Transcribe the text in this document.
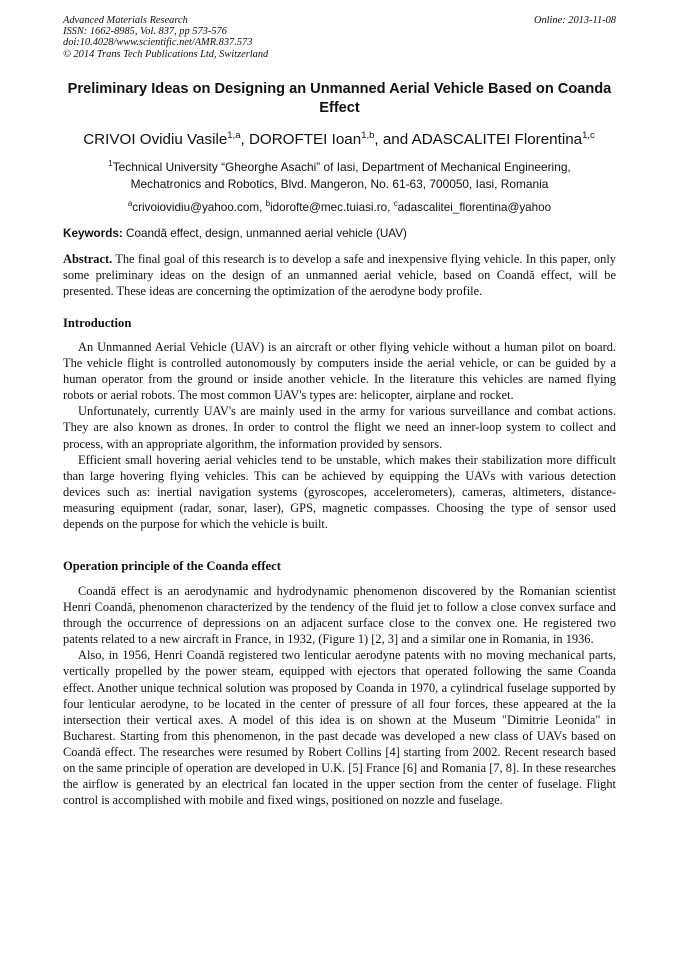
Advanced Materials Research
ISSN: 1662-8985, Vol. 837, pp 573-576
doi:10.4028/www.scientific.net/AMR.837.573
© 2014 Trans Tech Publications Ltd, Switzerland
Online: 2013-11-08
Preliminary Ideas on Designing an Unmanned Aerial Vehicle Based on Coanda Effect
CRIVOI Ovidiu Vasile$^{1,a}$, DOROFTEI Ioan$^{1,b}$, and ADASCALITEI Florentina$^{1,c}$
$^1$Technical University “Gheorghe Asachi” of Iasi, Department of Mechanical Engineering,
Mechatronics and Robotics, Blvd. Mangeron, No. 61-63, 700050, Iasi, Romania
$^a$crivoiovidiu@yahoo.com, $^b$idorofte@mec.tuiasi.ro, $^c$adascalitei_florentina@yahoo
Keywords: Coandă effect, design, unmanned aerial vehicle (UAV)

Abstract. The final goal of this research is to develop a safe and inexpensive flying vehicle. In this paper, only some preliminary ideas on the design of an unmanned aerial vehicle, based on Coandă effect, will be presented. These ideas are concerning the optimization of the aerodyne body profile.

Introduction

An Unmanned Aerial Vehicle (UAV) is an aircraft or other flying vehicle without a human pilot on board. The vehicle flight is controlled autonomously by computers inside the aerial vehicle, or can be guided by a human operator from the ground or inside another vehicle. In the literature this vehicles are named flying robots or aerial robots. The most common UAV's types are: helicopter, airplane and rocket.

Unfortunately, currently UAV's are mainly used in the army for various surveillance and combat actions. They are also known as drones. In order to control the flight we need an inner-loop system to collect and process, with an appropriate algorithm, the information provided by sensors.

Efficient small hovering aerial vehicles tend to be unstable, which makes their stabilization more difficult than large hovering flying vehicles. This can be achieved by equipping the UAVs with various detection devices such as: inertial navigation systems (gyroscopes, accelerometers), cameras, altimeters, distance-measuring equipment (radar, sonar, laser), GPS, magnetic compasses. Choosing the type of sensor used depends on the purpose for which the vehicle is built.

Operation principle of the Coanda effect

Coandă effect is an aerodynamic and hydrodynamic phenomenon discovered by the Romanian scientist Henri Coandă, phenomenon characterized by the tendency of the fluid jet to follow a close convex surface and through the occurrence of depressions on an adjacent surface close to the convex one. He registered two patents related to a new aircraft in France, in 1932, (Figure 1) [2, 3] and a similar one in Romania, in 1936.

Also, in 1956, Henri Coandă registered two lenticular aerodyne patents with no moving mechanical parts, vertically propelled by the power steam, equipped with ejectors that operated following the same Coanda effect. Another unique technical solution was proposed by Coanda in 1970, a cylindrical fuselage supported by four lenticular aerodyne, to be located in the center of pressure of all four forces, these appeared at the la intersection their vertical axes. A model of this idea is on shown at the Museum "Dimitrie Leonida" in Bucharest. Starting from this phenomenon, in the past decade was developed a new class of UAVs based on Coandă effect. The researches were resumed by Robert Collins [4] starting from 2002. Recent research based on the same principle of operation are developed in U.K. [5] France [6] and Romania [7, 8]. In these researches the airflow is generated by an electrical fan located in the upper section from the center of fuselage. Flight control is accomplished with mobile and fixed wings, positioned on nozzle and fuselage.
